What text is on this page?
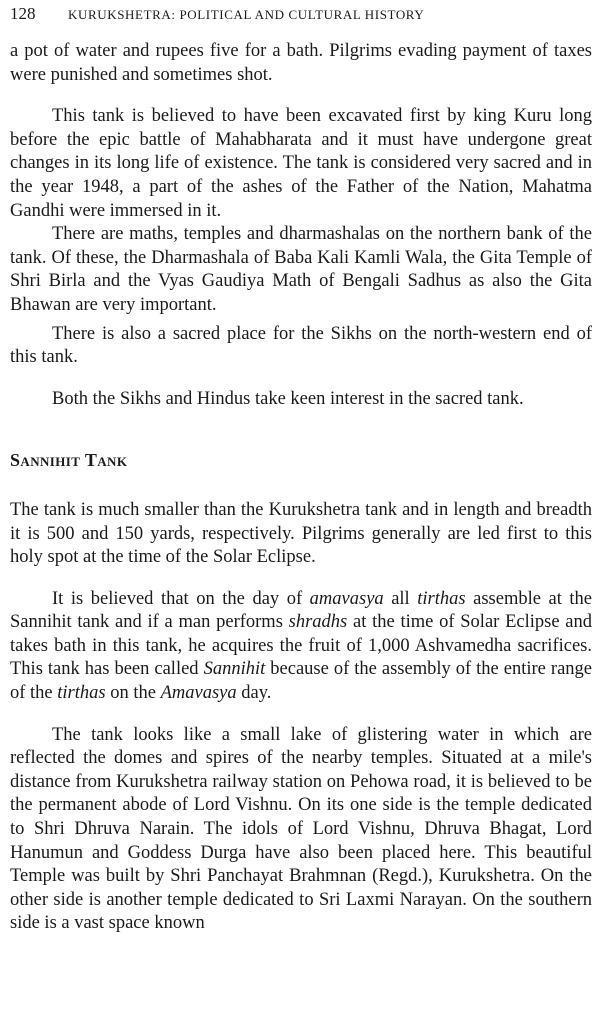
128	KURUKSHETRA: POLITICAL AND CULTURAL HISTORY

a pot of water and rupees five for a bath. Pilgrims evading payment of taxes were punished and sometimes shot.

This tank is believed to have been excavated first by king Kuru long before the epic battle of Mahabharata and it must have undergone great changes in its long life of existence. The tank is considered very sacred and in the year 1948, a part of the ashes of the Father of the Nation, Mahatma Gandhi were immersed in it.

There are maths, temples and dharmashalas on the northern bank of the tank. Of these, the Dharmashala of Baba Kali Kamli Wala, the Gita Temple of Shri Birla and the Vyas Gaudiya Math of Bengali Sadhus as also the Gita Bhawan are very important.

There is also a sacred place for the Sikhs on the north-western end of this tank.

Both the Sikhs and Hindus take keen interest in the sacred tank.

Sannihit Tank

The tank is much smaller than the Kurukshetra tank and in length and breadth it is 500 and 150 yards, respectively. Pilgrims generally are led first to this holy spot at the time of the Solar Eclipse.

It is believed that on the day of amavasya all tirthas assemble at the Sannihit tank and if a man performs shradhs at the time of Solar Eclipse and takes bath in this tank, he acquires the fruit of 1,000 Ashvamedha sacrifices. This tank has been called Sannihit because of the assembly of the entire range of the tirthas on the Amavasya day.

The tank looks like a small lake of glistering water in which are reflected the domes and spires of the nearby temples. Situated at a mile's distance from Kurukshetra railway station on Pehowa road, it is believed to be the permanent abode of Lord Vishnu. On its one side is the temple dedicated to Shri Dhruva Narain. The idols of Lord Vishnu, Dhruva Bhagat, Lord Hanumun and Goddess Durga have also been placed here. This beautiful Temple was built by Shri Panchayat Brahmnan (Regd.), Kurukshetra. On the other side is another temple dedicated to Sri Laxmi Narayan. On the southern side is a vast space known
